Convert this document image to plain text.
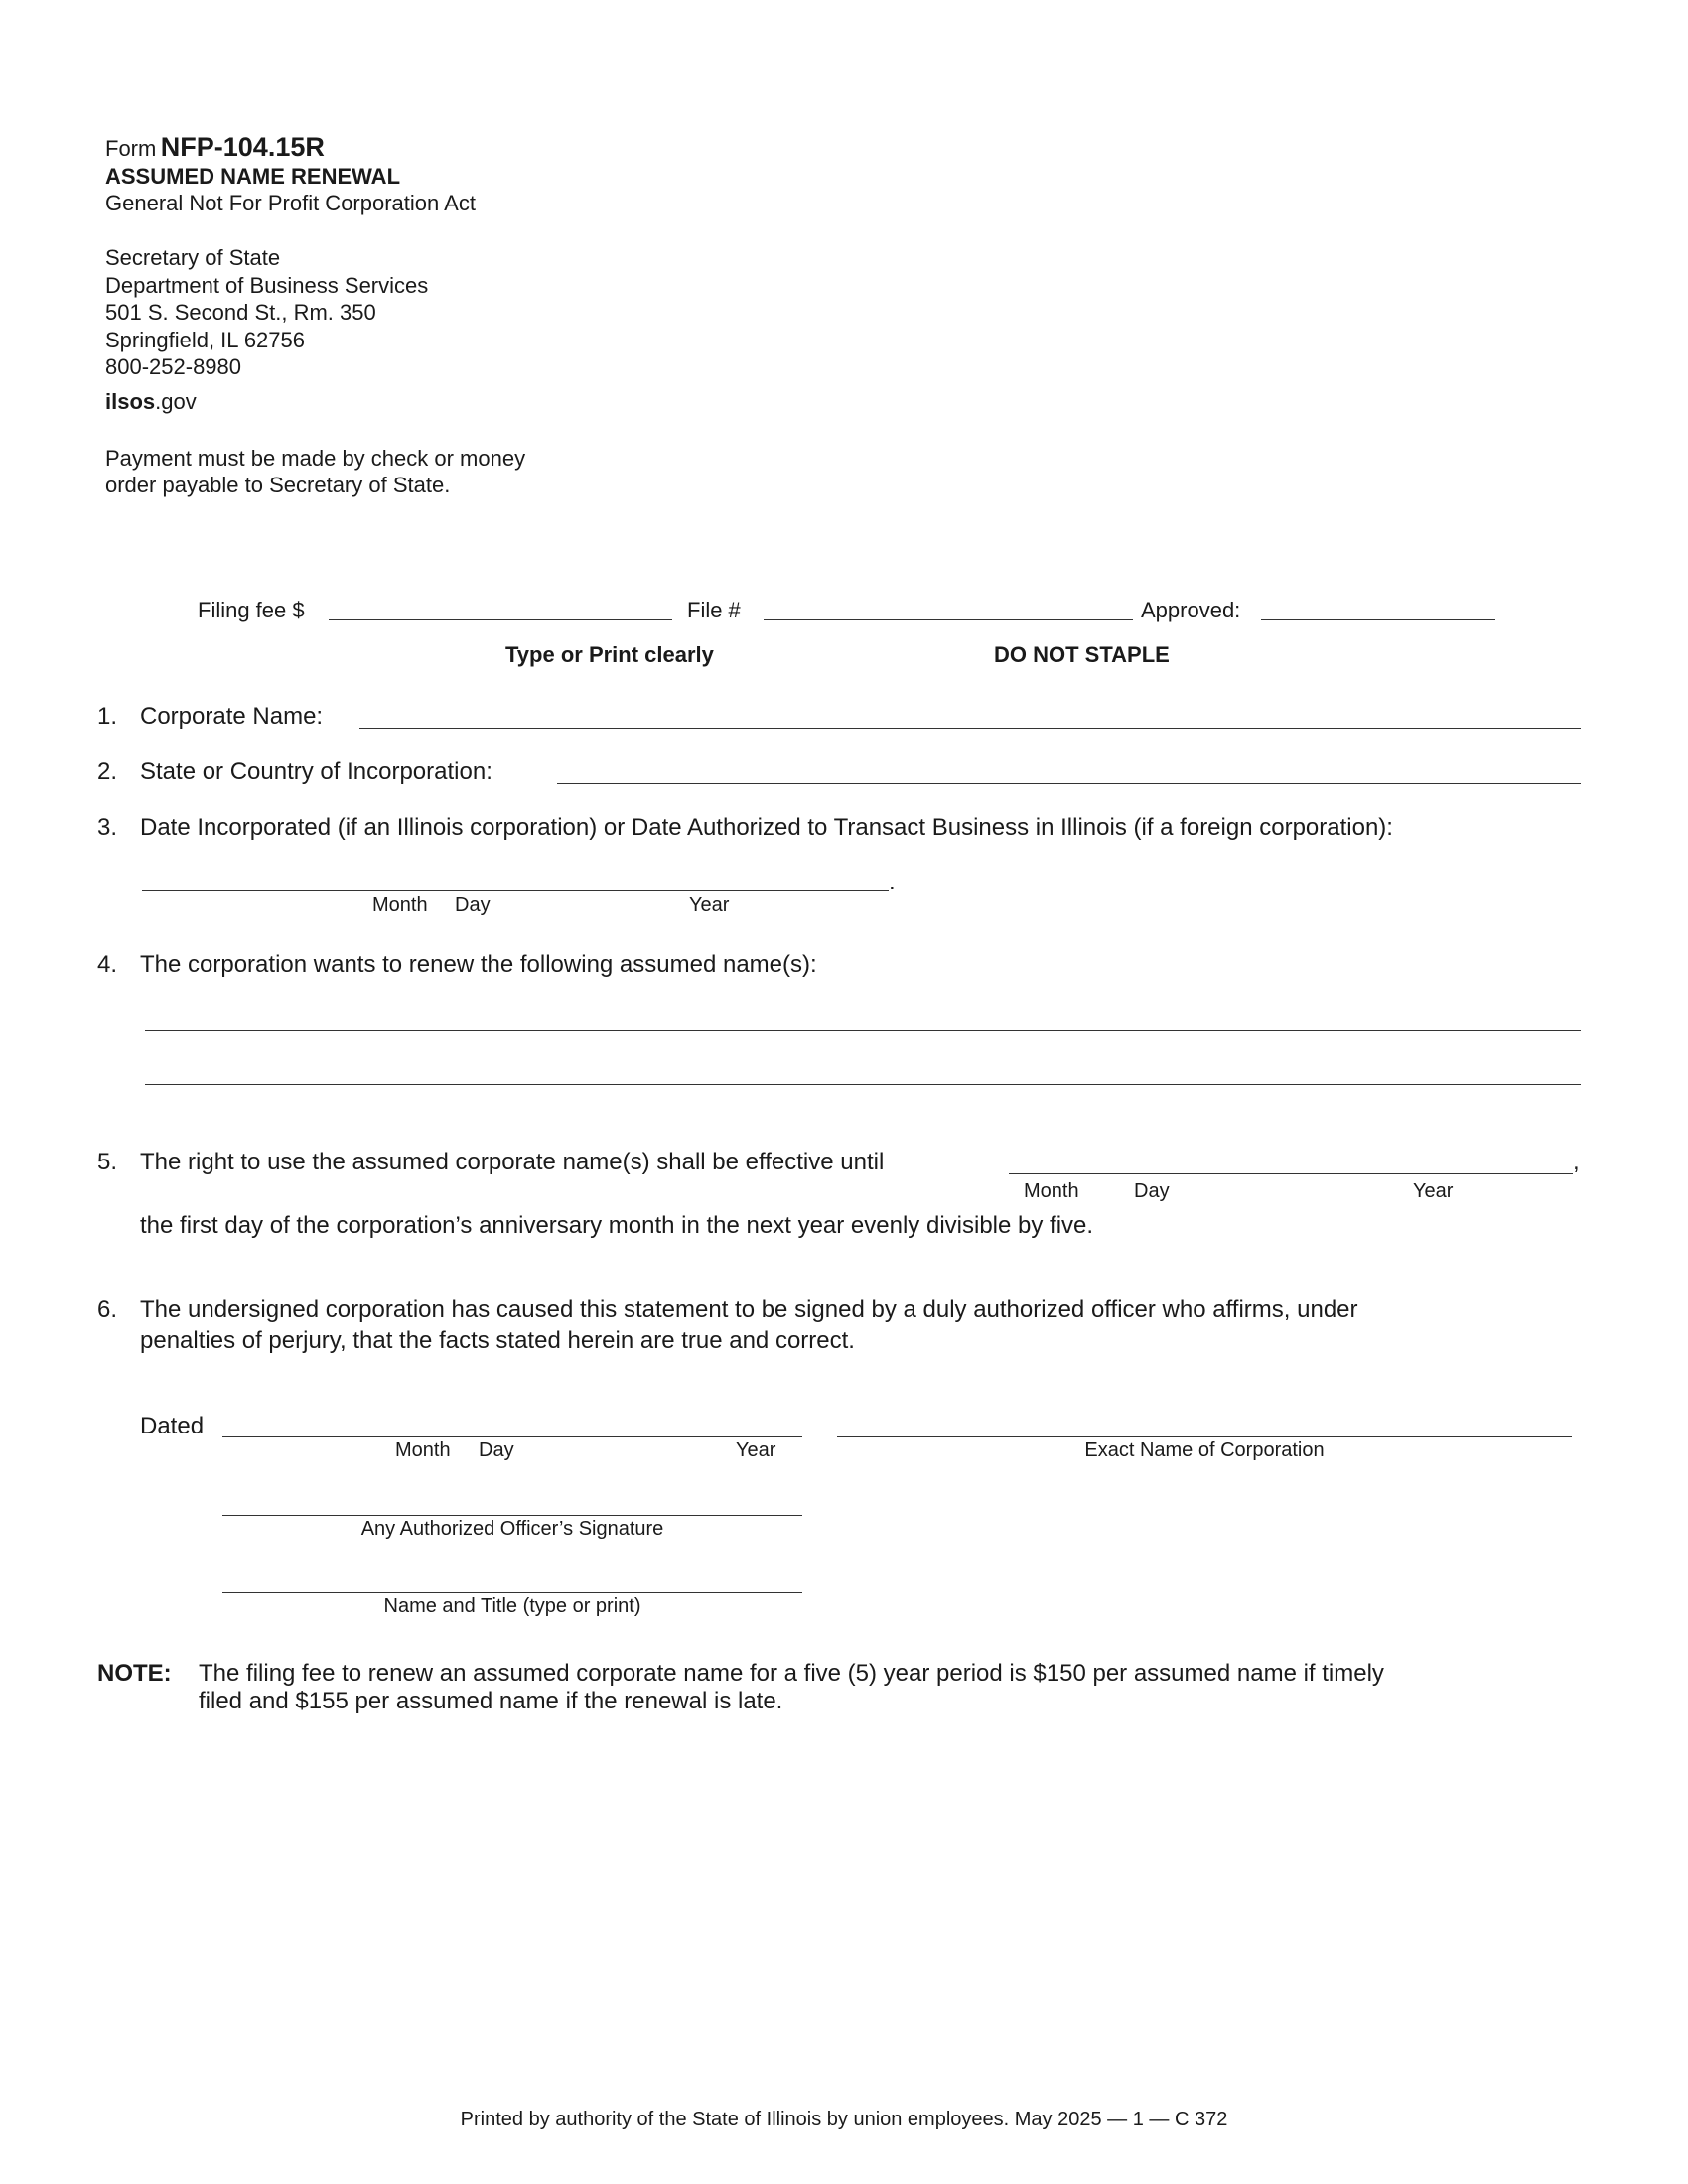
Form NFP-104.15R
ASSUMED NAME RENEWAL
General Not For Profit Corporation Act
Secretary of State
Department of Business Services
501 S. Second St., Rm. 350
Springfield, IL 62756
800-252-8980
ilsos.gov
Payment must be made by check or money
order payable to Secretary of State.
Filing fee $	File #	Approved:
Type or Print clearly	DO NOT STAPLE
1. Corporate Name:
2. State or Country of Incorporation:
3. Date Incorporated (if an Illinois corporation) or Date Authorized to Transact Business in Illinois (if a foreign corporation):
.
Month Day	Year
4. The corporation wants to renew the following assumed name(s):
5. The right to use the assumed corporate name(s) shall be effective until	,
Month	Day	Year
the first day of the corporation’s anniversary month in the next year evenly divisible by five.
6. The undersigned corporation has caused this statement to be signed by a duly authorized officer who affirms, under
penalties of perjury, that the facts stated herein are true and correct.
Dated
Month Day	Year	Exact Name of Corporation
Any Authorized Officer’s Signature
Name and Title (type or print)
NOTE: The filing fee to renew an assumed corporate name for a five (5) year period is $150 per assumed name if timely
filed and $155 per assumed name if the renewal is late.
Printed by authority of the State of Illinois by union employees. May 2025 — 1 — C 372
